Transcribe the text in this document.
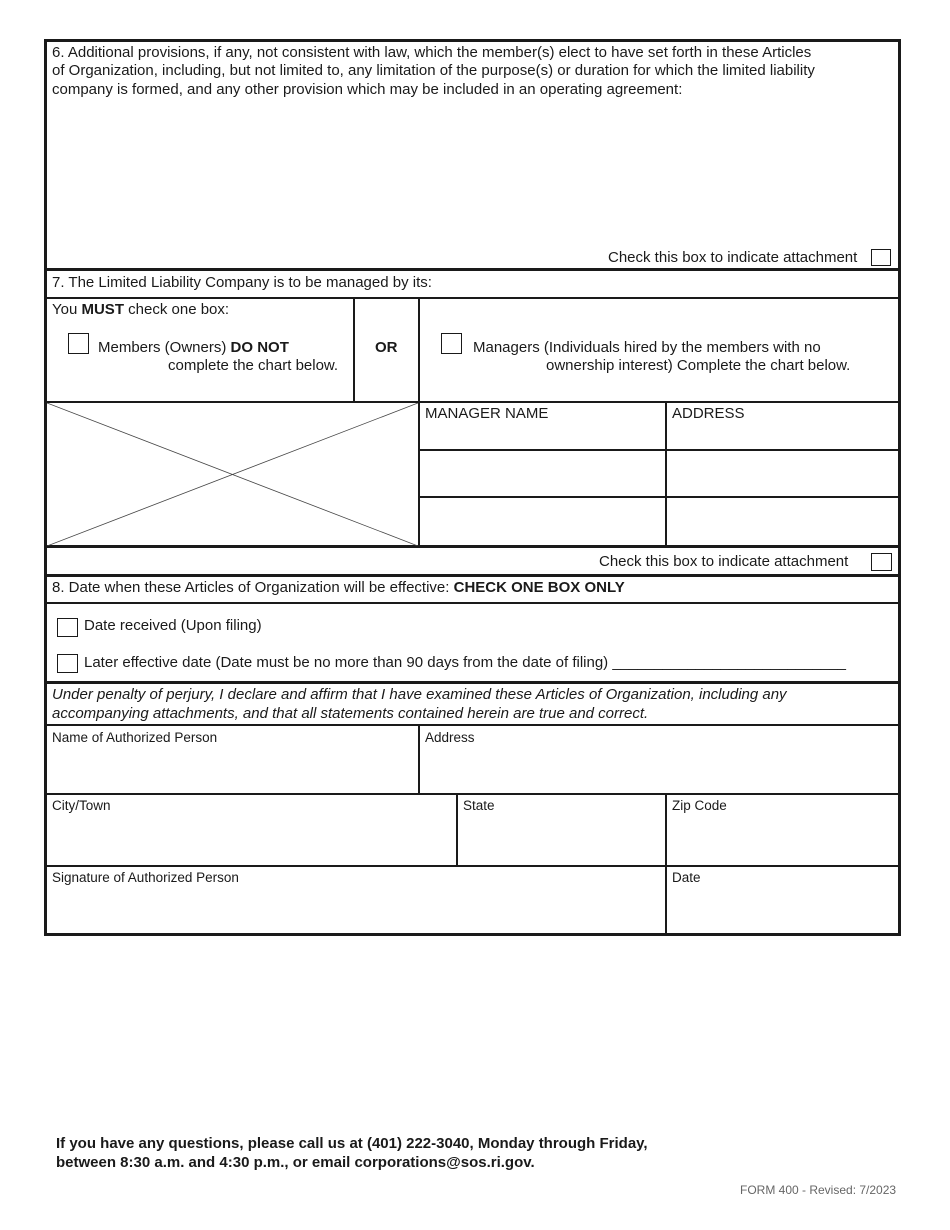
6. Additional provisions, if any, not consistent with law, which the member(s) elect to have set forth in these Articles
of Organization, including, but not limited to, any limitation of the purpose(s) or duration for which the limited liability
company is formed, and any other provision which may be included in an operating agreement:
Check this box to indicate attachment
7. The Limited Liability Company is to be managed by its:
You MUST check one box:
Members (Owners) DO NOT
complete the chart below.
OR	Managers (Individuals hired by the members with no
ownership interest) Complete the chart below.
MANAGER NAME	ADDRESS
Check this box to indicate attachment
8. Date when these Articles of Organization will be effective: CHECK ONE BOX ONLY
Date received (Upon filing)
Later effective date (Date must be no more than 90 days from the date of filing) ____________________________
Under penalty of perjury, I declare and affirm that I have examined these Articles of Organization, including any
accompanying attachments, and that all statements contained herein are true and correct.
Name of Authorized Person	Address
City/Town	State	Zip Code
Signature of Authorized Person	Date
If you have any questions, please call us at (401) 222-3040, Monday through Friday,
between 8:30 a.m. and 4:30 p.m., or email corporations@sos.ri.gov.
FORM 400 - Revised: 7/2023
